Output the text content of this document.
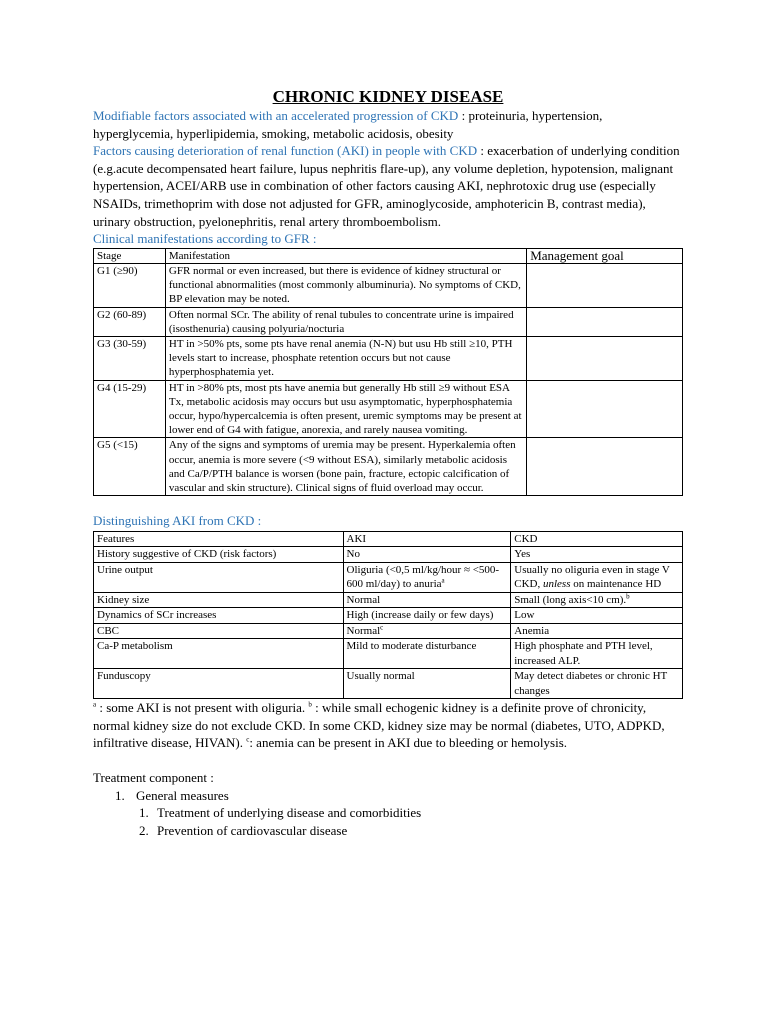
CHRONIC KIDNEY DISEASE

Modifiable factors associated with an accelerated progression of CKD : proteinuria, hypertension, hyperglycemia, hyperlipidemia, smoking, metabolic acidosis, obesity

Factors causing deterioration of renal function (AKI) in people with CKD : exacerbation of underlying condition (e.g.acute decompensated heart failure, lupus nephritis flare-up), any volume depletion, hypotension, malignant hypertension, ACEI/ARB use in combination of other factors causing AKI, nephrotoxic drug use (especially NSAIDs, trimethoprim with dose not adjusted for GFR, aminoglycoside, amphotericin B, contrast media), urinary obstruction, pyelonephritis, renal artery thromboembolism.

Clinical manifestations according to GFR :

Stage	Manifestation	Management goal
G1 (≥90)	GFR normal or even increased, but there is evidence of kidney structural or functional abnormalities (most commonly albuminuria). No symptoms of CKD, BP elevation may be noted.	
G2 (60-89)	Often normal SCr. The ability of renal tubules to concentrate urine is impaired (isosthenuria) causing polyuria/nocturia	
G3 (30-59)	HT in >50% pts, some pts have renal anemia (N-N) but usu Hb still ≥10, PTH levels start to increase, phosphate retention occurs but not cause hyperphosphatemia yet.	
G4 (15-29)	HT in >80% pts, most pts have anemia but generally Hb still ≥9 without ESA Tx, metabolic acidosis may occurs but usu asymptomatic, hyperphosphatemia occur, hypo/hypercalcemia is often present, uremic symptoms may be present at lower end of G4 with fatigue, anorexia, and rarely nausea vomiting.	
G5 (<15)	Any of the signs and symptoms of uremia may be present. Hyperkalemia often occur, anemia is more severe (<9 without ESA), similarly metabolic acidosis and Ca/P/PTH balance is worsen (bone pain, fracture, ectopic calcification of vascular and skin structure). Clinical signs of fluid overload may occur.	

Distinguishing AKI from CKD :

Features	AKI	CKD
History suggestive of CKD (risk factors)	No	Yes
Urine output	Oliguria (<0,5 ml/kg/hour ≈ <500-600 ml/day) to anuria$^a$	Usually no oliguria even in stage V CKD, unless on maintenance HD
Kidney size	Normal	Small (long axis<10 cm).$^b$
Dynamics of SCr increases	High (increase daily or few days)	Low
CBC	Normal$^c$	Anemia
Ca-P metabolism	Mild to moderate disturbance	High phosphate and PTH level, increased ALP.
Funduscopy	Usually normal	May detect diabetes or chronic HT changes

$^a$ : some AKI is not present with oliguria. $^b$ : while small echogenic kidney is a definite prove of chronicity, normal kidney size do not exclude CKD. In some CKD, kidney size may be normal (diabetes, UTO, ADPKD, infiltrative disease, HIVAN). $^c$: anemia can be present in AKI due to bleeding or hemolysis.

Treatment component :

1. General measures

1. Treatment of underlying disease and comorbidities

2. Prevention of cardiovascular disease
